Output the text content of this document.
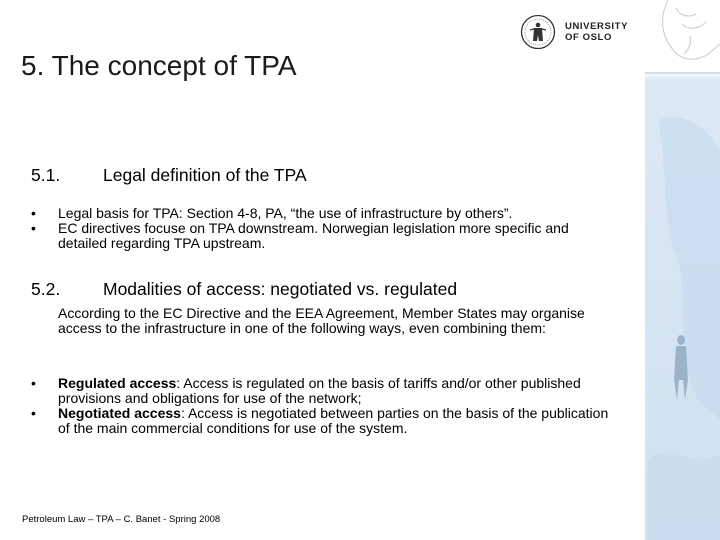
UNIVERSITY
OF OSLO
5. The concept of TPA
5.1. Legal definition of the TPA
•	Legal basis for TPA: Section 4-8, PA, “the use of infrastructure by others”.
•	EC directives focuse on TPA downstream. Norwegian legislation more specific and detailed regarding TPA upstream.
5.2. Modalities of access: negotiated vs. regulated
According to the EC Directive and the EEA Agreement, Member States may organise access to the infrastructure in one of the following ways, even combining them:
•	Regulated access: Access is regulated on the basis of tariffs and/or other published provisions and obligations for use of the network;
•	Negotiated access: Access is negotiated between parties on the basis of the publication of the main commercial conditions for use of the system.
Petroleum Law – TPA – C. Banet - Spring 2008
